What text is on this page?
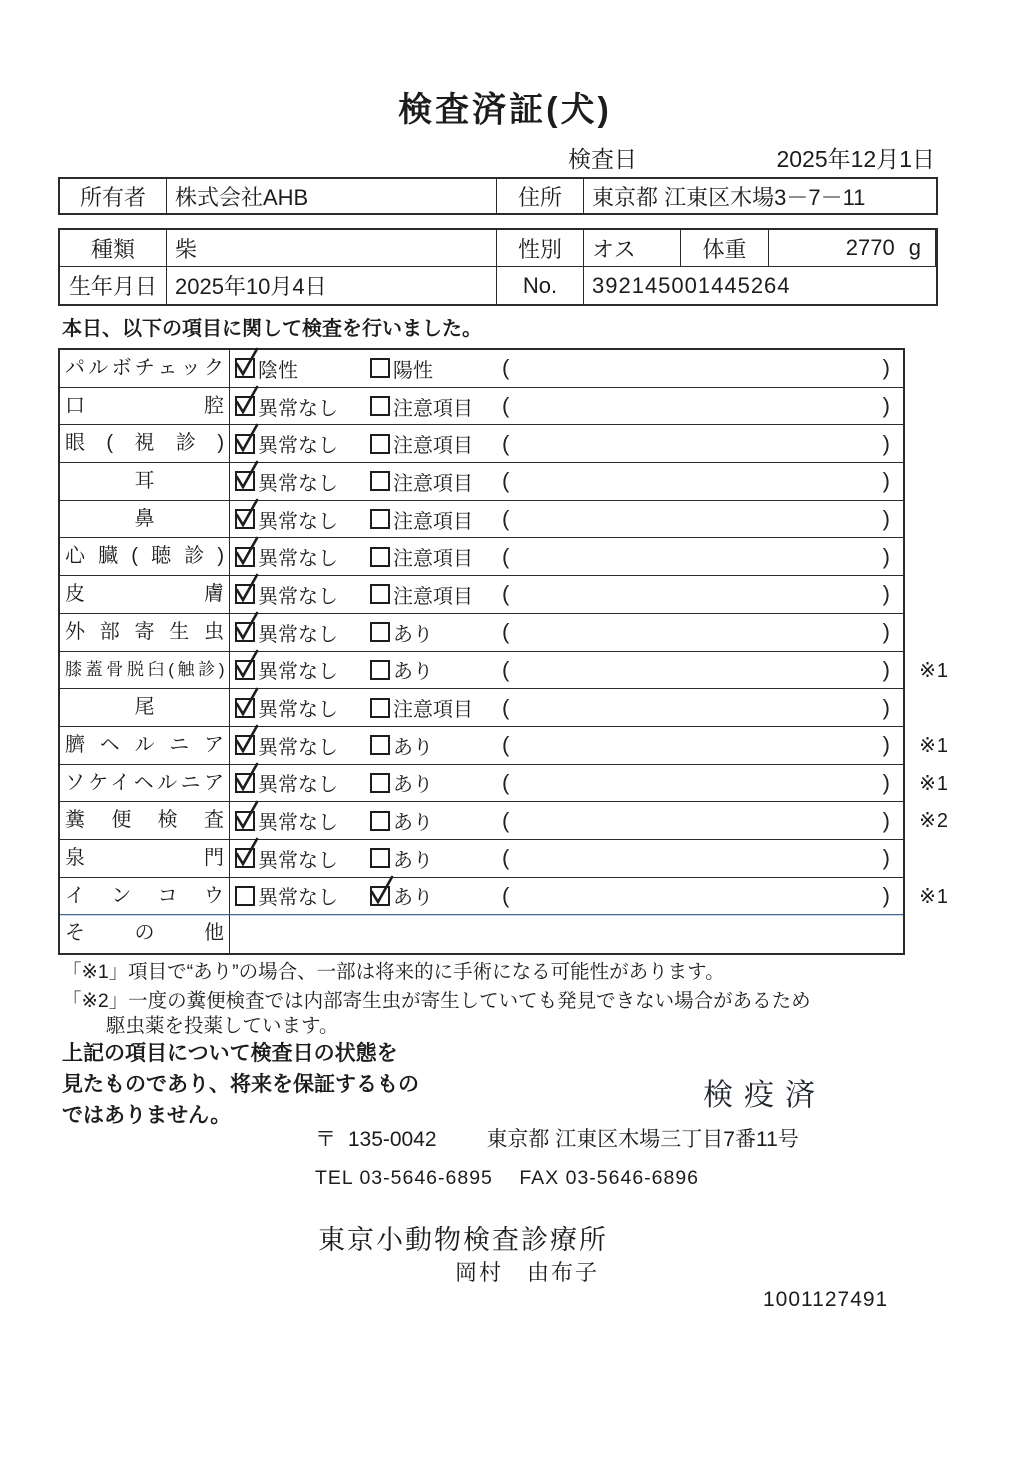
検査済証(犬)
検査日	2025年12月1日
所有者	株式会社AHB	住所	東京都 江東区木場3－7－11
種類	柴	性別	オス	体重	2770 g
生年月日 2025年10月4日	No.	392145001445264
本日、以下の項目に関して検査を行いました。
パルボチェック	陰性	陽性	(	)
口腔	異常なし	注意項目 (	)
眼(視診)	異常なし	注意項目 (	)
耳	異常なし	注意項目 (	)
鼻	異常なし	注意項目 (	)
心臓(聴診)	異常なし	注意項目 (	)
皮膚	異常なし	注意項目 (	)
外部寄生虫	異常なし	あり	(	)
膝蓋骨脱臼(触診)	異常なし	あり	(	) ※1
尾	異常なし	注意項目 (	)
臍ヘルニア	異常なし	あり	(	) ※1
ソケイヘルニア	異常なし	あり	(	) ※1
糞便検査	異常なし	あり	(	) ※2
泉門	異常なし	あり	(	)
インコウ	異常なし	あり	(	) ※1
その他
「※1」項目で“あり”の場合、一部は将来的に手術になる可能性があります。
「※2」一度の糞便検査では内部寄生虫が寄生していても発見できない場合があるため
駆虫薬を投薬しています。
上記の項目について検査日の状態を
見たものであり、将来を保証するもの
ではありません。
検疫済
〒 135-0042 東京都 江東区木場三丁目7番11号
TEL 03-5646-6895 FAX 03-5646-6896
東京小動物検査診療所
岡村　由布子
1001127491
